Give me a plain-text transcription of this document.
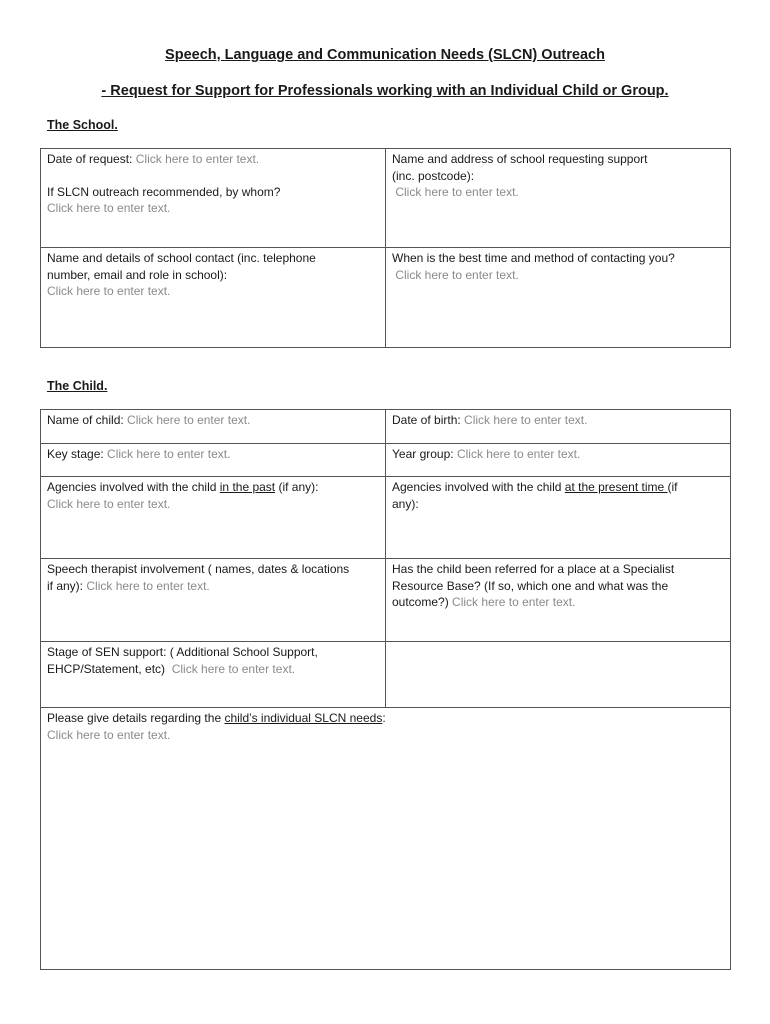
Speech, Language and Communication Needs (SLCN) Outreach
- Request for Support for Professionals working with an Individual Child or Group.
The School.
Date of request: Click here to enter text.
If SLCN outreach recommended, by whom?
Click here to enter text.
Name and address of school requesting support
(inc. postcode):
Click here to enter text.
Name and details of school contact (inc. telephone
number, email and role in school):
Click here to enter text.
When is the best time and method of contacting you?
Click here to enter text.
The Child.
Name of child: Click here to enter text.	Date of birth: Click here to enter text.
Key stage: Click here to enter text.	Year group: Click here to enter text.
Agencies involved with the child in the past (if any):
Click here to enter text.
Agencies involved with the child at the present time (if
any):
Speech therapist involvement ( names, dates & locations
if any): Click here to enter text.
Has the child been referred for a place at a Specialist
Resource Base? (If so, which one and what was the
outcome?) Click here to enter text.
Stage of SEN support: ( Additional School Support,
EHCP/Statement, etc) Click here to enter text.
Please give details regarding the child’s individual SLCN needs:
Click here to enter text.
